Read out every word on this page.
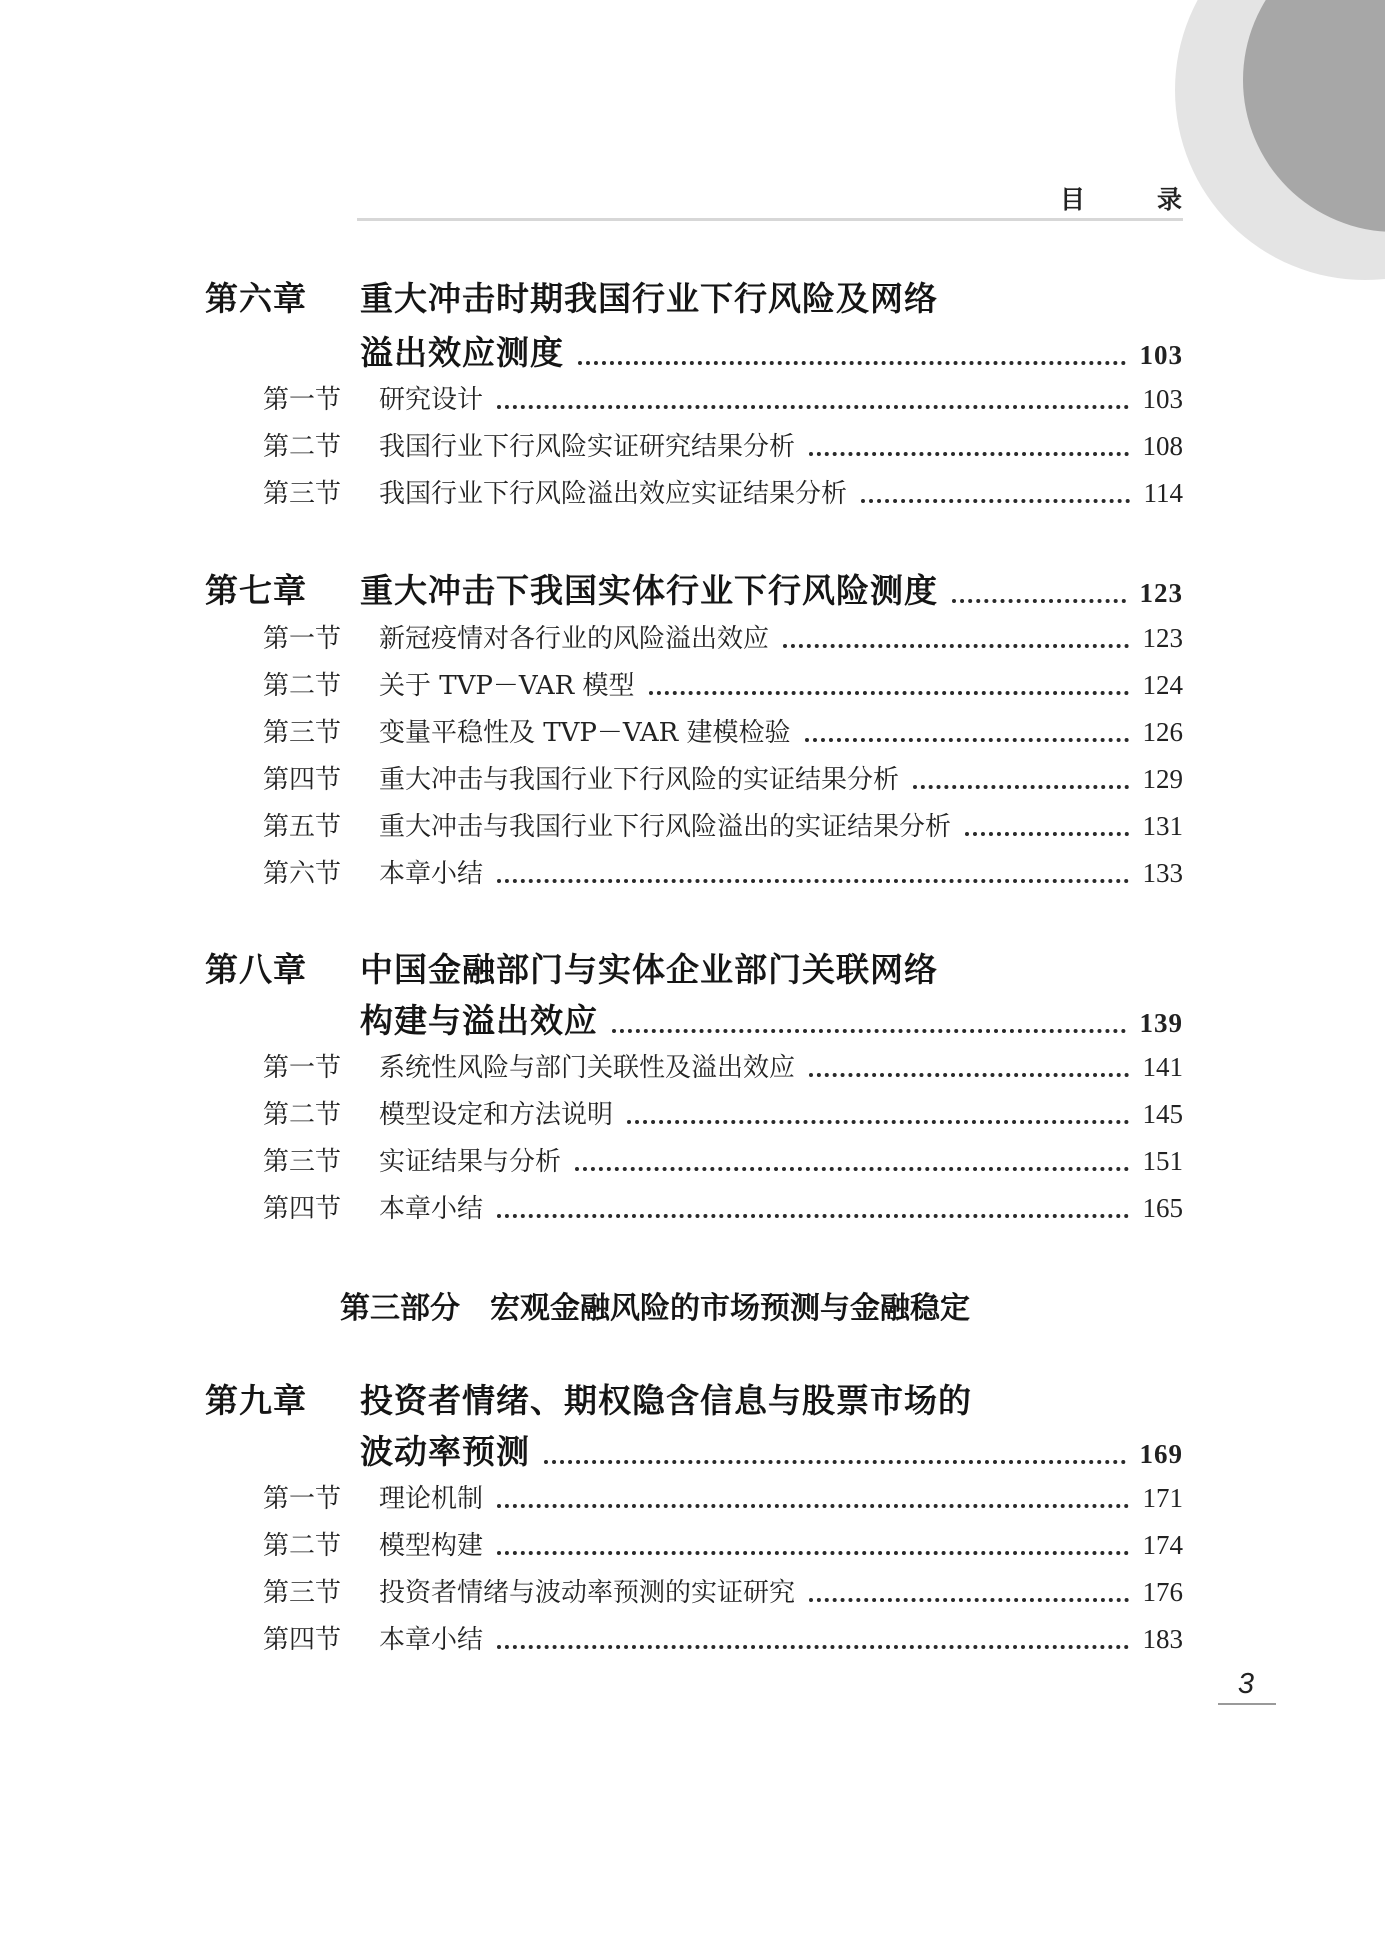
目	录
第六章	重大冲击时期我国行业下行风险及网络
溢出效应测度	103
第一节	研究设计	103
第二节	我国行业下行风险实证研究结果分析	108
第三节	我国行业下行风险溢出效应实证结果分析	114
第七章	重大冲击下我国实体行业下行风险测度	123
第一节	新冠疫情对各行业的风险溢出效应	123
第二节	关于 TVP－VAR 模型	124
第三节	变量平稳性及 TVP－VAR 建模检验	126
第四节	重大冲击与我国行业下行风险的实证结果分析	129
第五节	重大冲击与我国行业下行风险溢出的实证结果分析	131
第六节	本章小结	133
第八章	中国金融部门与实体企业部门关联网络
构建与溢出效应	139
第一节	系统性风险与部门关联性及溢出效应	141
第二节	模型设定和方法说明	145
第三节	实证结果与分析	151
第四节	本章小结	165
第三部分 宏观金融风险的市场预测与金融稳定
第九章	投资者情绪、期权隐含信息与股票市场的
波动率预测	169
第一节	理论机制	171
第二节	模型构建	174
第三节	投资者情绪与波动率预测的实证研究	176
第四节	本章小结	183
3
